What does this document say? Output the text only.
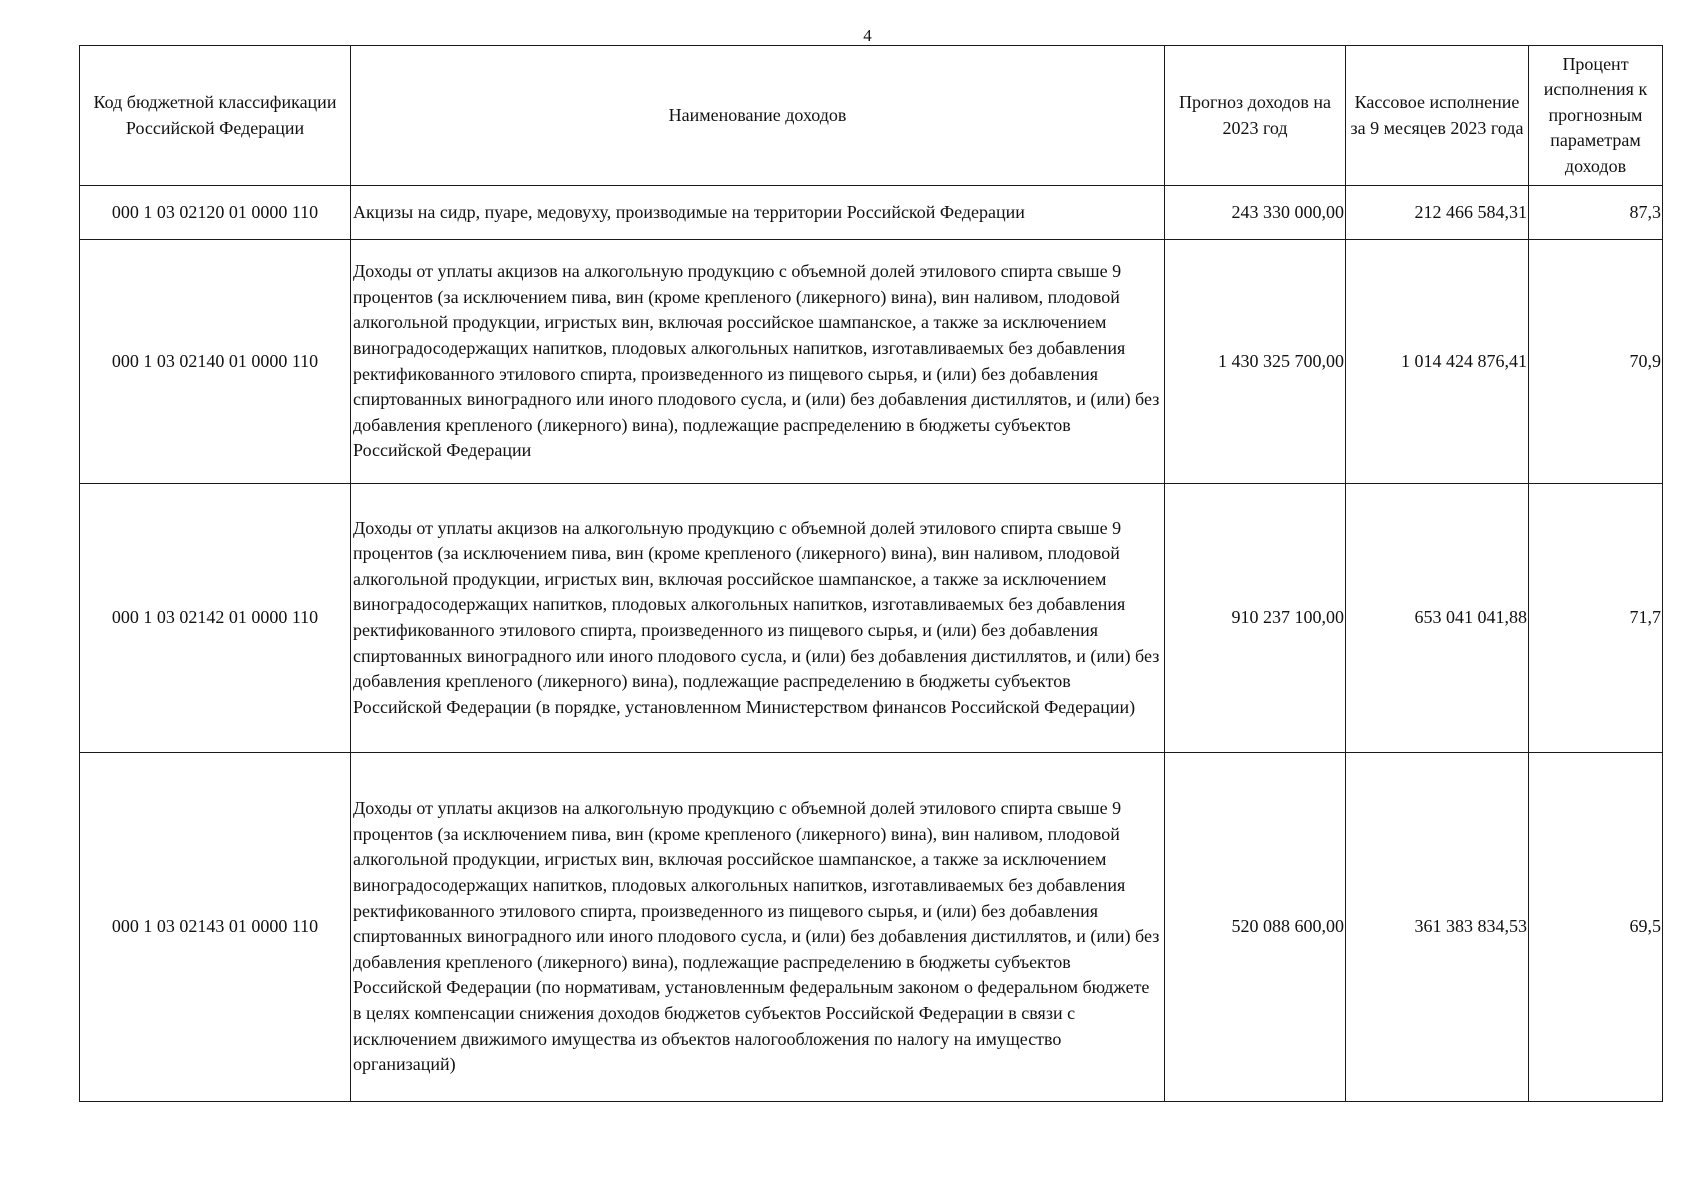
4
Код бюджетной классификации Российской Федерации	Наименование доходов	Прогноз доходов на 2023 год	Кассовое исполнение за 9 месяцев 2023 года	Процент исполнения к прогнозным параметрам доходов
000 1 03 02120 01 0000 110	Акцизы на сидр, пуаре, медовуху, производимые на территории Российской Федерации	243 330 000,00	212 466 584,31	87,3
000 1 03 02140 01 0000 110	Доходы от уплаты акцизов на алкогольную продукцию с объемной долей этилового спирта свыше 9 процентов (за исключением пива, вин (кроме крепленого (ликерного) вина), вин наливом, плодовой алкогольной продукции, игристых вин, включая российское шампанское, а также за исключением виноградосодержащих напитков, плодовых алкогольных напитков, изготавливаемых без добавления ректификованного этилового спирта, произведенного из пищевого сырья, и (или) без добавления спиртованных виноградного или иного плодового сусла, и (или) без добавления дистиллятов, и (или) без добавления крепленого (ликерного) вина), подлежащие распределению в бюджеты субъектов Российской Федерации	1 430 325 700,00	1 014 424 876,41	70,9
000 1 03 02142 01 0000 110	Доходы от уплаты акцизов на алкогольную продукцию с объемной долей этилового спирта свыше 9 процентов (за исключением пива, вин (кроме крепленого (ликерного) вина), вин наливом, плодовой алкогольной продукции, игристых вин, включая российское шампанское, а также за исключением виноградосодержащих напитков, плодовых алкогольных напитков, изготавливаемых без добавления ректификованного этилового спирта, произведенного из пищевого сырья, и (или) без добавления спиртованных виноградного или иного плодового сусла, и (или) без добавления дистиллятов, и (или) без добавления крепленого (ликерного) вина), подлежащие распределению в бюджеты субъектов Российской Федерации (в порядке, установленном Министерством финансов Российской Федерации)	910 237 100,00	653 041 041,88	71,7
000 1 03 02143 01 0000 110	Доходы от уплаты акцизов на алкогольную продукцию с объемной долей этилового спирта свыше 9 процентов (за исключением пива, вин (кроме крепленого (ликерного) вина), вин наливом, плодовой алкогольной продукции, игристых вин, включая российское шампанское, а также за исключением виноградосодержащих напитков, плодовых алкогольных напитков, изготавливаемых без добавления ректификованного этилового спирта, произведенного из пищевого сырья, и (или) без добавления спиртованных виноградного или иного плодового сусла, и (или) без добавления дистиллятов, и (или) без добавления крепленого (ликерного) вина), подлежащие распределению в бюджеты субъектов Российской Федерации (по нормативам, установленным федеральным законом о федеральном бюджете в целях компенсации снижения доходов бюджетов субъектов Российской Федерации в связи с исключением движимого имущества из объектов налогообложения по налогу на имущество организаций)	520 088 600,00	361 383 834,53	69,5
